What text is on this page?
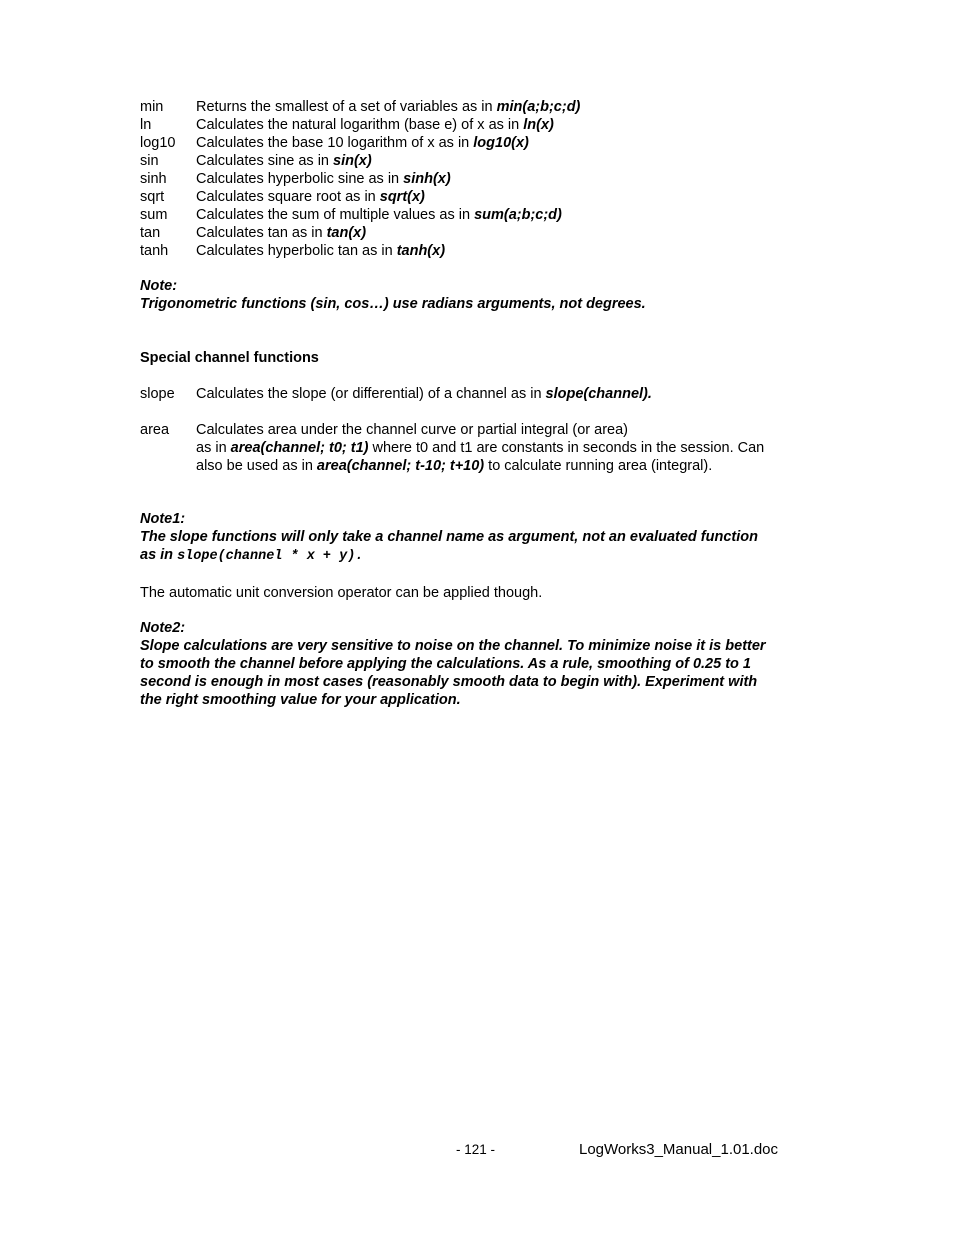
min	Returns the smallest of a set of variables as in min(a;b;c;d)
ln	Calculates the natural logarithm (base e) of x as in ln(x)
log10	Calculates the base 10 logarithm of x as in log10(x)
sin	Calculates sine as in sin(x)
sinh	Calculates hyperbolic sine as in sinh(x)
sqrt	Calculates square root as in sqrt(x)
sum	Calculates the sum of multiple values as in sum(a;b;c;d)
tan	Calculates tan as in tan(x)
tanh	Calculates hyperbolic tan as in tanh(x)
Note:
Trigonometric functions (sin, cos…) use radians arguments, not degrees.
Special channel functions
slope	Calculates the slope (or differential) of a channel as in slope(channel).
area	Calculates area under the channel curve or partial integral (or area)
as in area(channel; t0; t1) where t0 and t1 are constants in seconds in the session. Can
also be used as in area(channel; t-10; t+10) to calculate running area (integral).
Note1:
The slope functions will only take a channel name as argument, not an evaluated function
as in slope(channel * x + y).
The automatic unit conversion operator can be applied though.
Note2:
Slope calculations are very sensitive to noise on the channel. To minimize noise it is better
to smooth the channel before applying the calculations. As a rule, smoothing of 0.25 to 1
second is enough in most cases (reasonably smooth data to begin with). Experiment with
the right smoothing value for your application.
- 121 -	LogWorks3_Manual_1.01.doc
